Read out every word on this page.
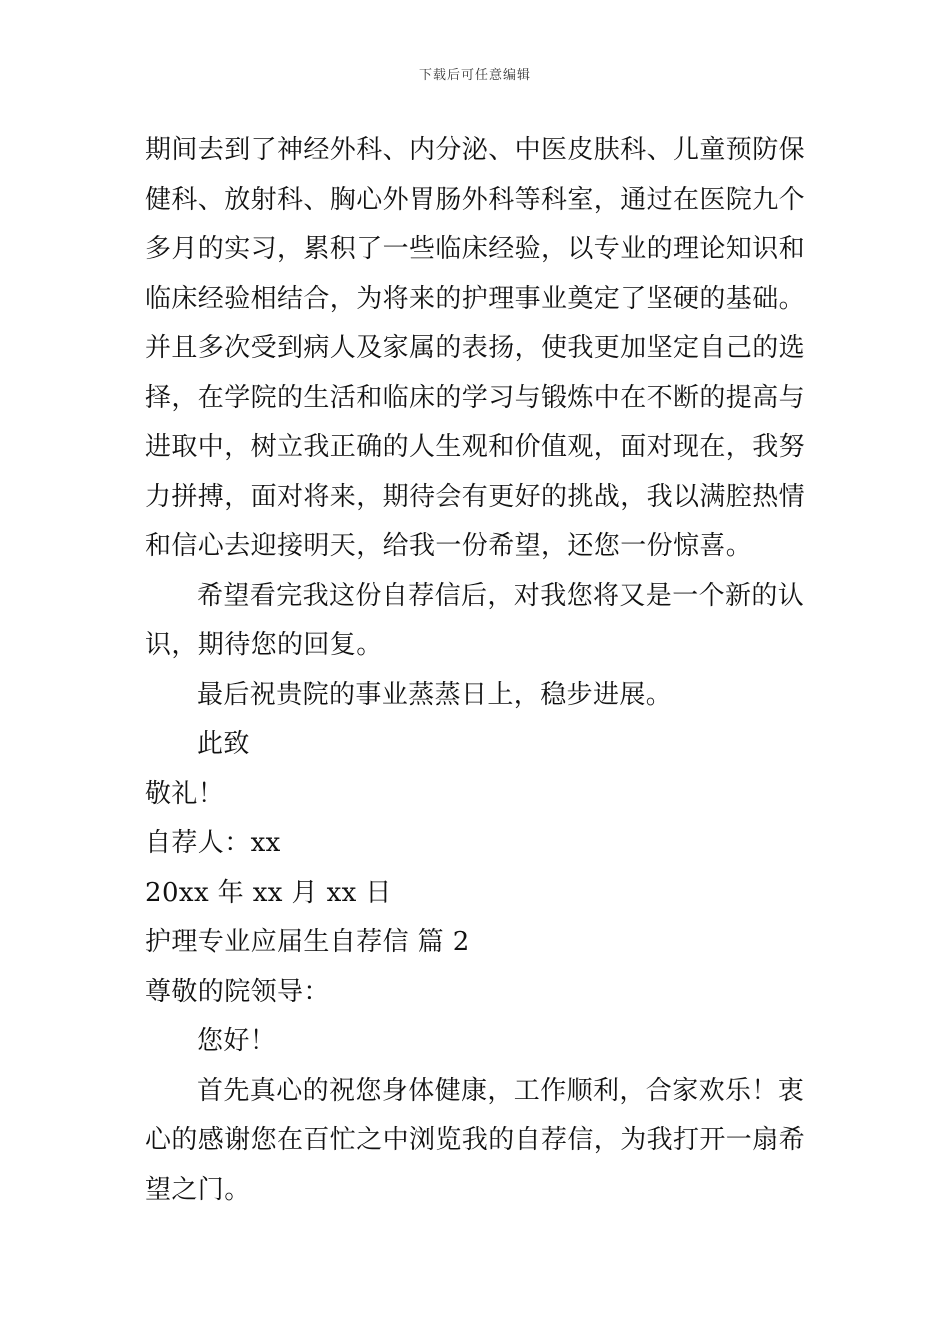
下载后可任意编辑
期间去到了神经外科、内分泌、中医皮肤科、儿童预防保
健科、放射科、胸心外胃肠外科等科室，通过在医院九个
多月的实习，累积了一些临床经验，以专业的理论知识和
临床经验相结合，为将来的护理事业奠定了坚硬的基础。
并且多次受到病人及家属的表扬，使我更加坚定自己的选
择，在学院的生活和临床的学习与锻炼中在不断的提高与
进取中，树立我正确的人生观和价值观，面对现在，我努
力拼搏，面对将来，期待会有更好的挑战，我以满腔热情
和信心去迎接明天，给我一份希望，还您一份惊喜。
希望看完我这份自荐信后，对我您将又是一个新的认
识，期待您的回复。
最后祝贵院的事业蒸蒸日上，稳步进展。
此致
敬礼！
自荐人：xx
20xx 年 xx 月 xx 日
护理专业应届生自荐信 篇 2
尊敬的院领导：
您好！
首先真心的祝您身体健康，工作顺利，合家欢乐！衷
心的感谢您在百忙之中浏览我的自荐信，为我打开一扇希
望之门。
